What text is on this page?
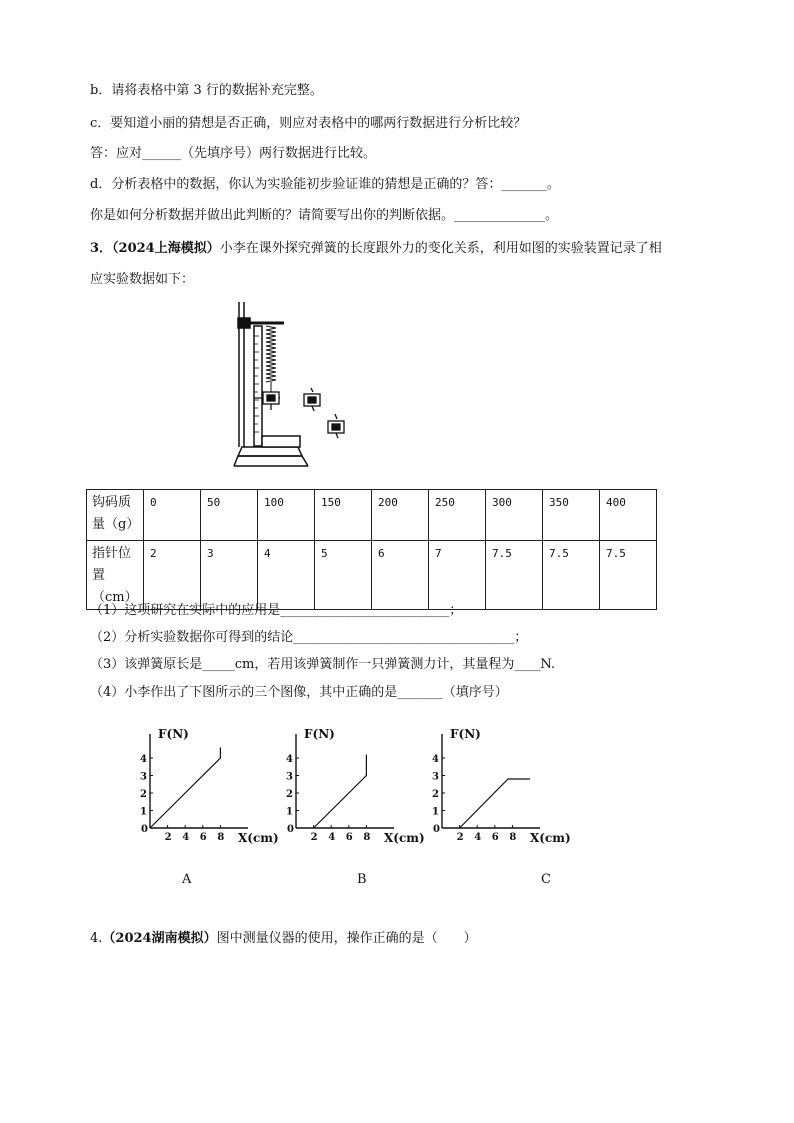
b．请将表格中第 3 行的数据补充完整。
c．要知道小丽的猜想是否正确，则应对表格中的哪两行数据进行分析比较？
答：应对______（先填序号）两行数据进行比较。
d．分析表格中的数据，你认为实验能初步验证谁的猜想是正确的？答：_______。
你是如何分析数据并做出此判断的？请简要写出你的判断依据。______________。
3．（2024上海模拟）小李在课外探究弹簧的长度跟外力的变化关系，利用如图的实验装置记录了相
应实验数据如下：
钩码质量（g）	0	50	100	150	200	250	300	350	400
指针位置（cm）	2	3	4	5	6	7	7.5	7.5	7.5
（1）这项研究在实际中的应用是__________________________；
（2）分析实验数据你可得到的结论__________________________________；
（3）该弹簧原长是_____cm，若用该弹簧制作一只弹簧测力计，其量程为____N.
（4）小李作出了下图所示的三个图像，其中正确的是_______（填序号）
F(N)
X(cm)
0
1
2
3
4
2 4 6 8
F(N)
X(cm)
0
1
2
3
4
2 4 6 8
F(N)
X(cm)
0
1
2
3
4
2 4 6 8
A	B	C
4.（2024湖南模拟）图中测量仪器的使用，操作正确的是（　　）
